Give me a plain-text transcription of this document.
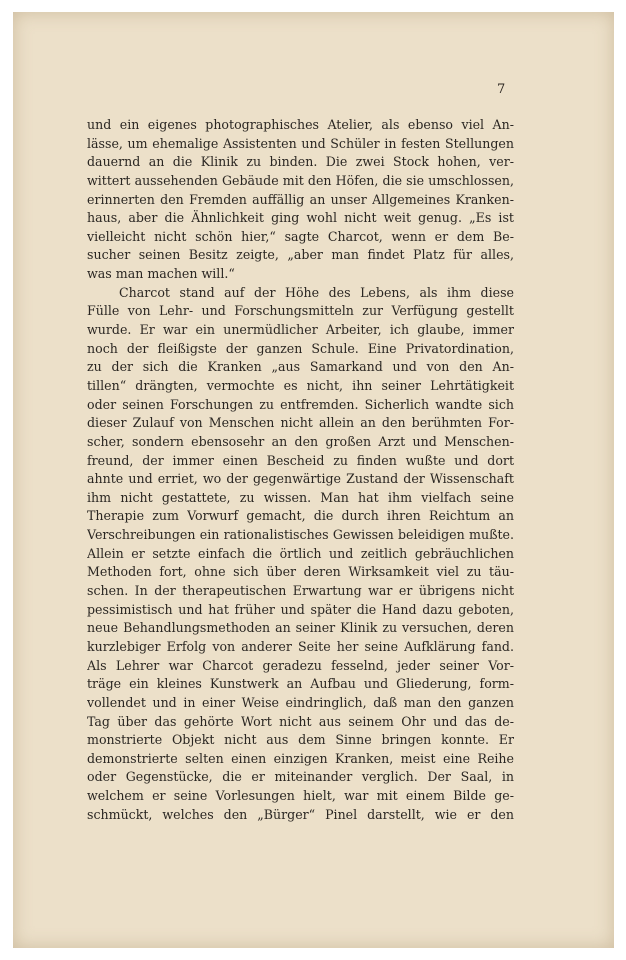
7
und ein eigenes photographisches Atelier, als ebenso viel An-
lässe, um ehemalige Assistenten und Schüler in festen Stellungen
dauernd an die Klinik zu binden. Die zwei Stock hohen, ver-
wittert aussehenden Gebäude mit den Höfen, die sie umschlossen,
erinnerten den Fremden auffällig an unser Allgemeines Kranken-
haus, aber die Ähnlichkeit ging wohl nicht weit genug. „Es ist
vielleicht nicht schön hier,“ sagte Charcot, wenn er dem Be-
sucher seinen Besitz zeigte, „aber man findet Platz für alles,
was man machen will.“
Charcot stand auf der Höhe des Lebens, als ihm diese
Fülle von Lehr- und Forschungsmitteln zur Verfügung gestellt
wurde. Er war ein unermüdlicher Arbeiter, ich glaube, immer
noch der fleißigste der ganzen Schule. Eine Privatordination,
zu der sich die Kranken „aus Samarkand und von den An-
tillen“ drängten, vermochte es nicht, ihn seiner Lehrtätigkeit
oder seinen Forschungen zu entfremden. Sicherlich wandte sich
dieser Zulauf von Menschen nicht allein an den berühmten For-
scher, sondern ebensosehr an den großen Arzt und Menschen-
freund, der immer einen Bescheid zu finden wußte und dort
ahnte und erriet, wo der gegenwärtige Zustand der Wissenschaft
ihm nicht gestattete, zu wissen. Man hat ihm vielfach seine
Therapie zum Vorwurf gemacht, die durch ihren Reichtum an
Verschreibungen ein rationalistisches Gewissen beleidigen mußte.
Allein er setzte einfach die örtlich und zeitlich gebräuchlichen
Methoden fort, ohne sich über deren Wirksamkeit viel zu täu-
schen. In der therapeutischen Erwartung war er übrigens nicht
pessimistisch und hat früher und später die Hand dazu geboten,
neue Behandlungsmethoden an seiner Klinik zu versuchen, deren
kurzlebiger Erfolg von anderer Seite her seine Aufklärung fand.
Als Lehrer war Charcot geradezu fesselnd, jeder seiner Vor-
träge ein kleines Kunstwerk an Aufbau und Gliederung, form-
vollendet und in einer Weise eindringlich, daß man den ganzen
Tag über das gehörte Wort nicht aus seinem Ohr und das de-
monstrierte Objekt nicht aus dem Sinne bringen konnte. Er
demonstrierte selten einen einzigen Kranken, meist eine Reihe
oder Gegenstücke, die er miteinander verglich. Der Saal, in
welchem er seine Vorlesungen hielt, war mit einem Bilde ge-
schmückt, welches den „Bürger“ Pinel darstellt, wie er den
